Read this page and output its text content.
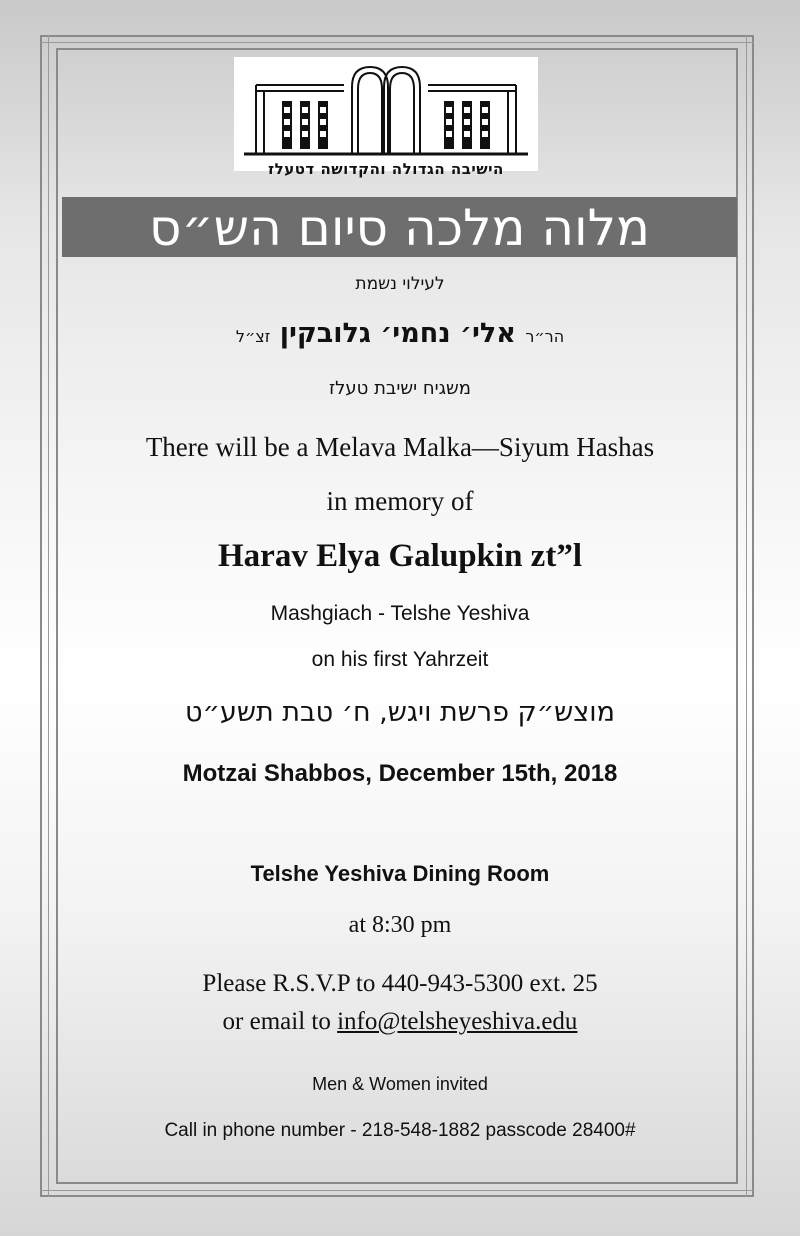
הישיבה הגדולה והקדושה דטעלז
מלוה מלכה סיום הש״ס
לעילוי נשמת
הר״ר אלי׳ נחמי׳ גלובקין זצ״ל
משגיח ישיבת טעלז
There will be a Melava Malka—Siyum Hashas
in memory of
Harav Elya Galupkin zt”l
Mashgiach - Telshe Yeshiva
on his first Yahrzeit
מוצש״ק פרשת ויגש, ח׳ טבת תשע״ט
Motzai Shabbos, December 15th, 2018
Telshe Yeshiva Dining Room
at 8:30 pm
Please R.S.V.P to 440-943-5300 ext. 25
or email to info@telsheyeshiva.edu
Men & Women invited
Call in phone number - 218-548-1882 passcode 28400#
